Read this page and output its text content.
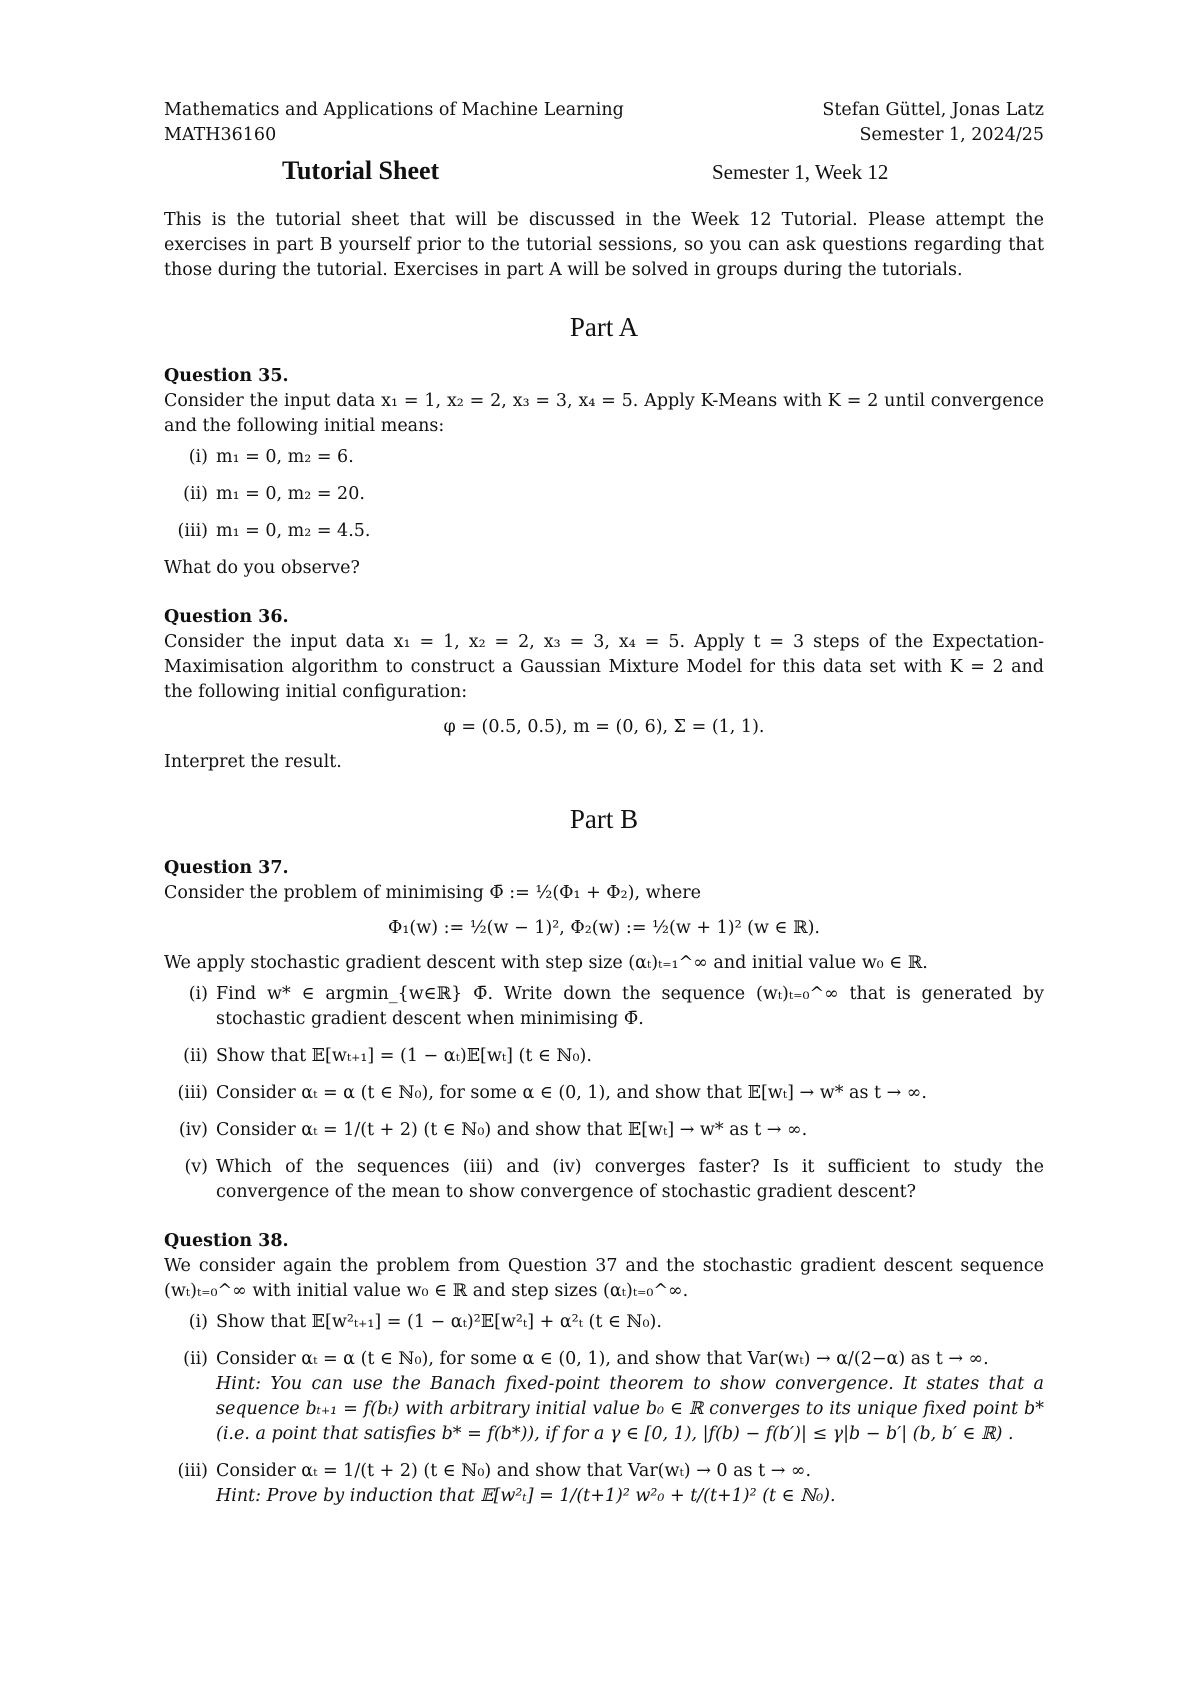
Mathematics and Applications of Machine Learning
MATH36160
Stefan Güttel, Jonas Latz
Semester 1, 2024/25
Tutorial Sheet	Semester 1, Week 12

This is the tutorial sheet that will be discussed in the Week 12 Tutorial. Please attempt the exercises in part B yourself prior to the tutorial sessions, so you can ask questions regarding that those during the tutorial. Exercises in part A will be solved in groups during the tutorials.

Part A
Question 35.

Consider the input data x₁ = 1, x₂ = 2, x₃ = 3, x₄ = 5. Apply K-Means with K = 2 until convergence and the following initial means:

(i) m₁ = 0, m₂ = 6.
(ii) m₁ = 0, m₂ = 20.
(iii) m₁ = 0, m₂ = 4.5.

What do you observe?

Question 36.

Consider the input data x₁ = 1, x₂ = 2, x₃ = 3, x₄ = 5. Apply t = 3 steps of the Expectation-Maximisation algorithm to construct a Gaussian Mixture Model for this data set with K = 2 and the following initial configuration:

φ = (0.5, 0.5), m = (0, 6), Σ = (1, 1).

Interpret the result.

Part B
Question 37.

Consider the problem of minimising Φ̄ := ½(Φ₁ + Φ₂), where

Φ₁(w) := ½(w − 1)², Φ₂(w) := ½(w + 1)² (w ∈ ℝ).

We apply stochastic gradient descent with step size (αₜ)ₜ₌₁^∞ and initial value w₀ ∈ ℝ.

(i) Find w* ∈ argmin_{w∈ℝ} Φ̄. Write down the sequence (wₜ)ₜ₌₀^∞ that is generated by stochastic gradient descent when minimising Φ̄.
(ii) Show that 𝔼[wₜ₊₁] = (1 − αₜ)𝔼[wₜ] (t ∈ ℕ₀).
(iii) Consider αₜ = α (t ∈ ℕ₀), for some α ∈ (0, 1), and show that 𝔼[wₜ] → w* as t → ∞.
(iv) Consider αₜ = 1/(t + 2) (t ∈ ℕ₀) and show that 𝔼[wₜ] → w* as t → ∞.
(v) Which of the sequences (iii) and (iv) converges faster? Is it sufficient to study the convergence of the mean to show convergence of stochastic gradient descent?
Question 38.

We consider again the problem from Question 37 and the stochastic gradient descent sequence (wₜ)ₜ₌₀^∞ with initial value w₀ ∈ ℝ and step sizes (αₜ)ₜ₌₀^∞.

(i) Show that 𝔼[w²ₜ₊₁] = (1 − αₜ)²𝔼[w²ₜ] + α²ₜ (t ∈ ℕ₀).
(ii) Consider αₜ = α (t ∈ ℕ₀), for some α ∈ (0, 1), and show that Var(wₜ) → α/(2−α) as t → ∞.
Hint: You can use the Banach fixed-point theorem to show convergence. It states that a sequence bₜ₊₁ = f(bₜ) with arbitrary initial value b₀ ∈ ℝ converges to its unique fixed point b* (i.e. a point that satisfies b* = f(b*)), if for a γ ∈ [0, 1), |f(b) − f(b′)| ≤ γ|b − b′| (b, b′ ∈ ℝ) .
(iii) Consider αₜ = 1/(t + 2) (t ∈ ℕ₀) and show that Var(wₜ) → 0 as t → ∞.
Hint: Prove by induction that 𝔼[w²ₜ] = 1/(t+1)² w²₀ + t/(t+1)² (t ∈ ℕ₀).
